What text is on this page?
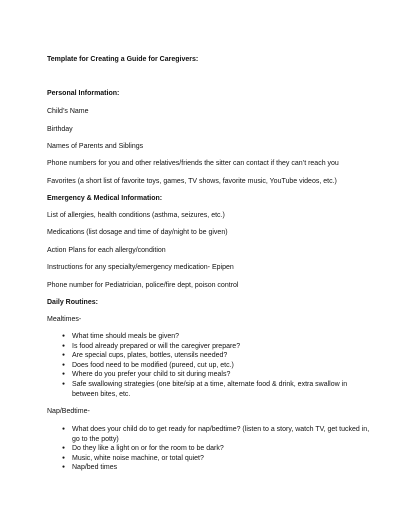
Template for Creating a Guide for Caregivers:
Personal Information:
Child’s Name
Birthday
Names of Parents and Siblings
Phone numbers for you and other relatives/friends the sitter can contact if they can’t reach you
Favorites (a short list of favorite toys, games, TV shows, favorite music, YouTube videos, etc.)
Emergency & Medical Information:
List of allergies, health conditions (asthma, seizures, etc.)
Medications (list dosage and time of day/night to be given)
Action Plans for each allergy/condition
Instructions for any specialty/emergency medication- Epipen
Phone number for Pediatrician, police/fire dept, poison control
Daily Routines:
Mealtimes-
● What time should meals be given?
● Is food already prepared or will the caregiver prepare?
● Are special cups, plates, bottles, utensils needed?
● Does food need to be modified (pureed, cut up, etc.)
● Where do you prefer your child to sit during meals?
● Safe swallowing strategies (one bite/sip at a time, alternate food & drink, extra swallow in between bites, etc.
Nap/Bedtime-
● What does your child do to get ready for nap/bedtime? (listen to a story, watch TV, get tucked in, go to the potty)
● Do they like a light on or for the room to be dark?
● Music, white noise machine, or total quiet?
● Nap/bed times
